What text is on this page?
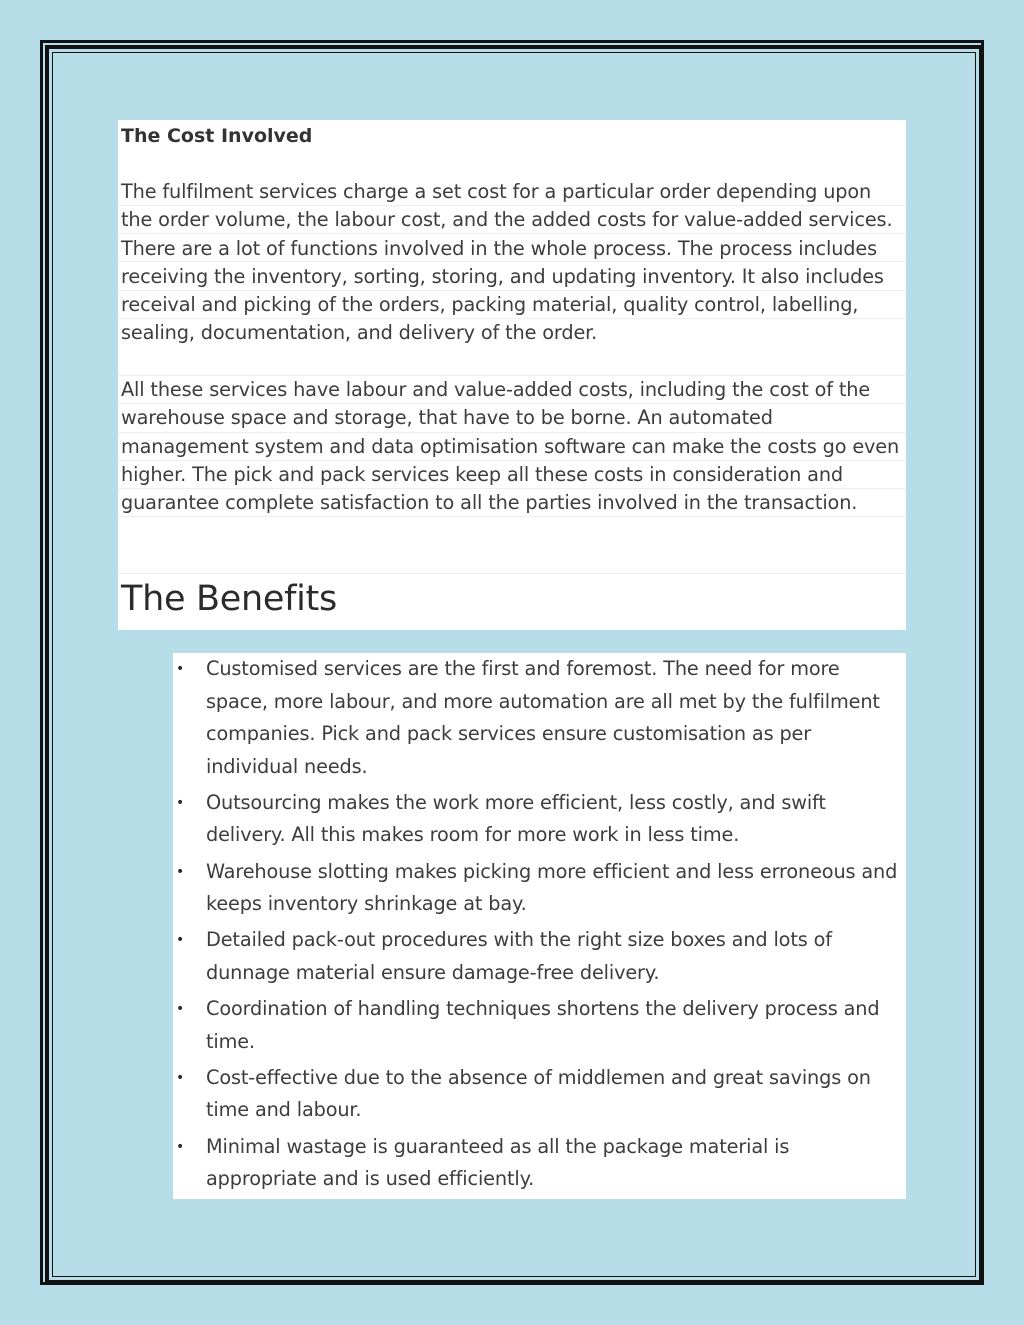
The Cost Involved

The fulfilment services charge a set cost for a particular order depending upon the order volume, the labour cost, and the added costs for value-added services. There are a lot of functions involved in the whole process. The process includes receiving the inventory, sorting, storing, and updating inventory. It also includes receival and picking of the orders, packing material, quality control, labelling, sealing, documentation, and delivery of the order.

All these services have labour and value-added costs, including the cost of the warehouse space and storage, that have to be borne. An automated management system and data optimisation software can make the costs go even higher. The pick and pack services keep all these costs in consideration and guarantee complete satisfaction to all the parties involved in the transaction.

The Benefits
• Customised services are the first and foremost. The need for more space, more labour, and more automation are all met by the fulfilment companies. Pick and pack services ensure customisation as per individual needs.
• Outsourcing makes the work more efficient, less costly, and swift delivery. All this makes room for more work in less time.
• Warehouse slotting makes picking more efficient and less erroneous and keeps inventory shrinkage at bay.
• Detailed pack-out procedures with the right size boxes and lots of dunnage material ensure damage-free delivery.
• Coordination of handling techniques shortens the delivery process and time.
• Cost-effective due to the absence of middlemen and great savings on time and labour.
• Minimal wastage is guaranteed as all the package material is appropriate and is used efficiently.
